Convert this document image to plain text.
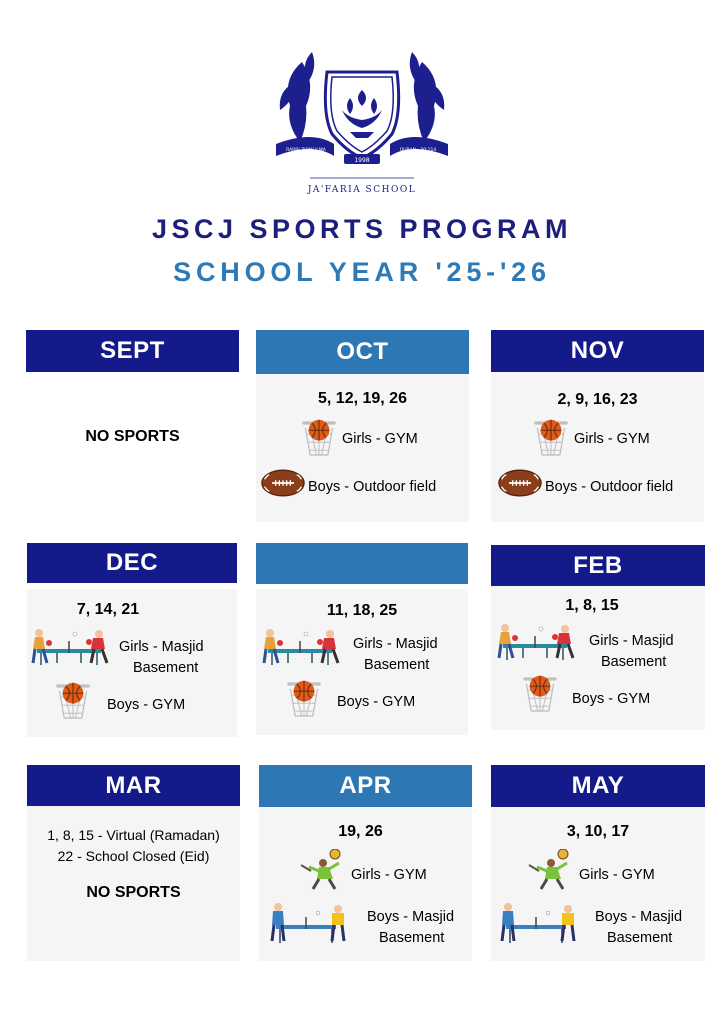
1998
RABBI ZIDNI ILMA	QURAN - 20:114
JA'FARIA SCHOOL
JSCJ SPORTS PROGRAM
SCHOOL YEAR '25-'26
SEPT
NO SPORTS
OCT
5, 12, 19, 26
Girls - GYM
Boys - Outdoor field
NOV
2, 9, 16, 23
Girls - GYM
Boys - Outdoor field
DEC
7, 14, 21
Girls - Masjid
Basement
Boys - GYM
11, 18, 25
Girls - Masjid
Basement
Boys - GYM
FEB
1, 8, 15
Girls - Masjid
Basement
Boys - GYM
MAR
1, 8, 15 - Virtual (Ramadan)
22 - School Closed (Eid)
NO SPORTS
APR
19, 26
Girls - GYM
Boys - Masjid
Basement
MAY
3, 10, 17
Girls - GYM
Boys - Masjid
Basement
